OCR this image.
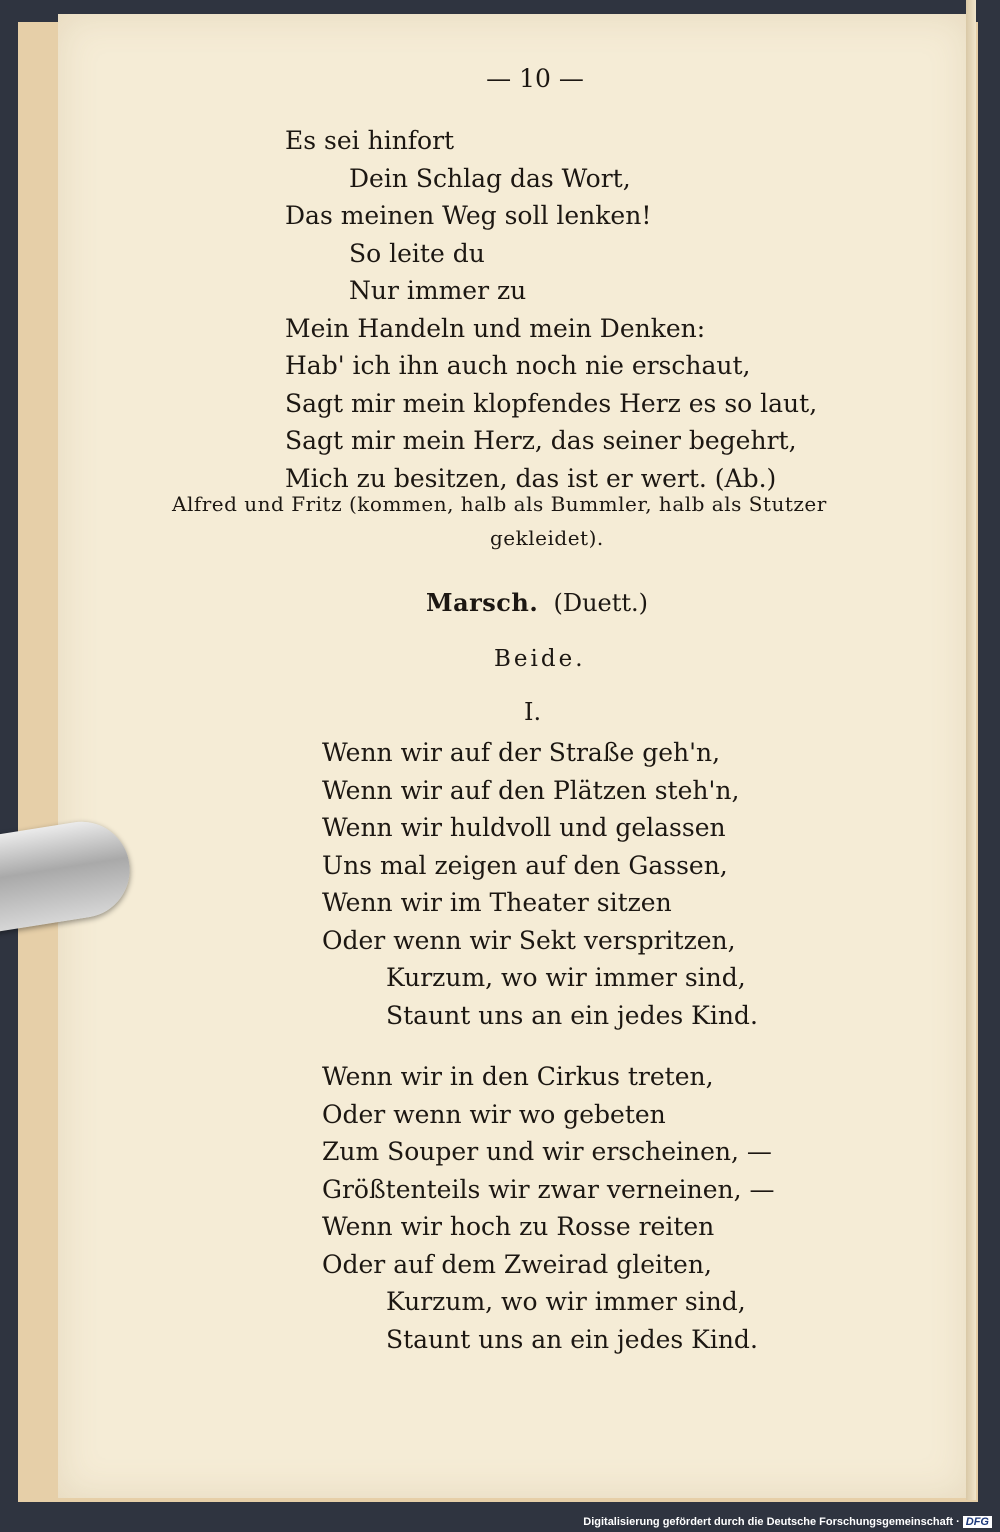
— 10 —
Es sei hinfort
Dein Schlag das Wort,
Das meinen Weg soll lenken!
So leite du
Nur immer zu
Mein Handeln und mein Denken:
Hab' ich ihn auch noch nie erschaut,
Sagt mir mein klopfendes Herz es so laut,
Sagt mir mein Herz, das seiner begehrt,
Mich zu besitzen, das ist er wert. (Ab.)
Alfred und Fritz (kommen, halb als Bummler, halb als Stutzer
gekleidet).
Marsch. (Duett.)
Beide.
I.
Wenn wir auf der Straße geh'n,
Wenn wir auf den Plätzen steh'n,
Wenn wir huldvoll und gelassen
Uns mal zeigen auf den Gassen,
Wenn wir im Theater sitzen
Oder wenn wir Sekt verspritzen,
Kurzum, wo wir immer sind,
Staunt uns an ein jedes Kind.
Wenn wir in den Cirkus treten,
Oder wenn wir wo gebeten
Zum Souper und wir erscheinen, —
Größtenteils wir zwar verneinen, —
Wenn wir hoch zu Rosse reiten
Oder auf dem Zweirad gleiten,
Kurzum, wo wir immer sind,
Staunt uns an ein jedes Kind.
Digitalisierung gefördert durch die Deutsche Forschungsgemeinschaft · DFG
